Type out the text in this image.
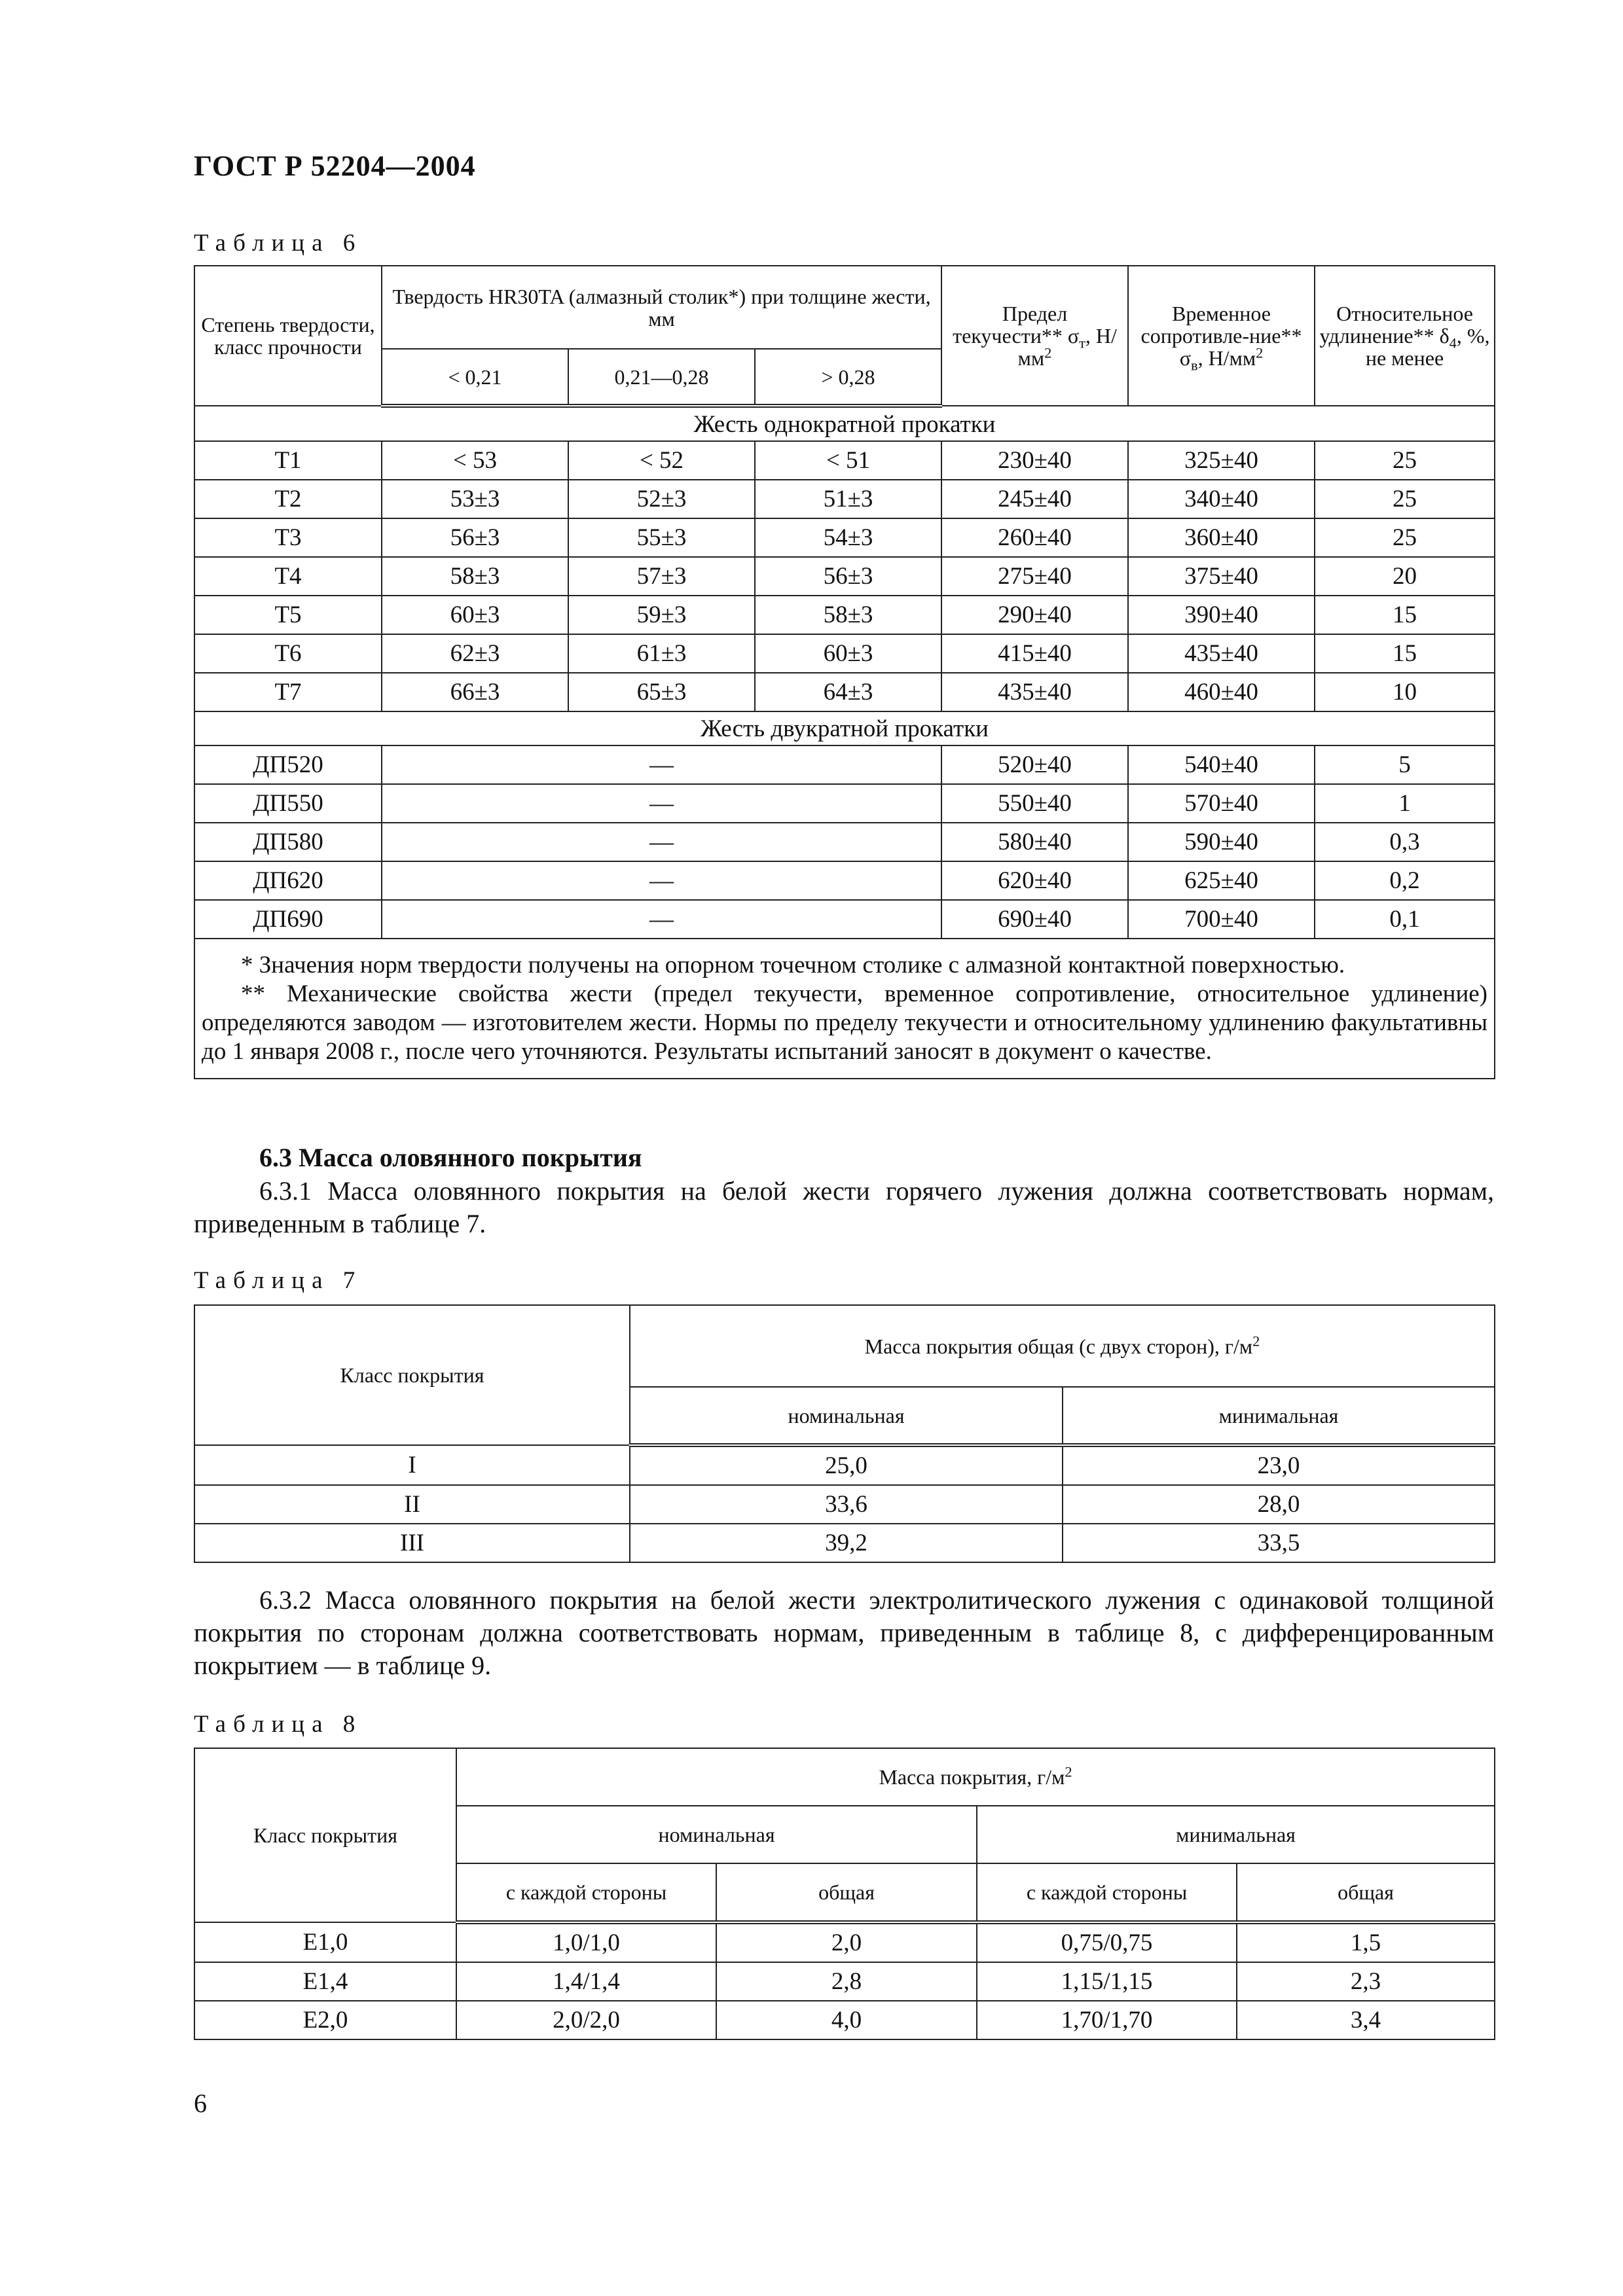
ГОСТ Р 52204—2004
Таблица 6
Степень твердости, класс прочности	Твердость HR30TA (алмазный столик*) при толщине жести, мм			Предел текучести** $\sigma_т$, $Н/мм^2$	Временное сопротивле-ние** $\sigma_в$, $Н/мм^2$	Относительное удлинение** $\delta_4$, %, не менее
	< 0,21	0,21—0,28	> 0,28			
Жесть однократной прокатки						
Т1	< 53	< 52	< 51	230±40	325±40	25
Т2	53±3	52±3	51±3	245±40	340±40	25
Т3	56±3	55±3	54±3	260±40	360±40	25
Т4	58±3	57±3	56±3	275±40	375±40	20
Т5	60±3	59±3	58±3	290±40	390±40	15
Т6	62±3	61±3	60±3	415±40	435±40	15
Т7	66±3	65±3	64±3	435±40	460±40	10
Жесть двукратной прокатки						
ДП520	—			520±40	540±40	5
ДП550	—			550±40	570±40	1
ДП580	—			580±40	590±40	0,3
ДП620	—			620±40	625±40	0,2
ДП690	—			690±40	700±40	0,1

* Значения норм твердости получены на опорном точечном столике с алмазной контактной поверхностью.

** Механические свойства жести (предел текучести, временное сопротивление, относительное удлинение) определяются заводом — изготовителем жести. Нормы по пределу текучести и относительному удлинению факультативны до 1 января 2008 г., после чего уточняются. Результаты испытаний заносят в документ о качестве.						

6.3 Масса оловянного покрытия

6.3.1 Масса оловянного покрытия на белой жести горячего лужения должна соответствовать нормам, приведенным в таблице 7.

Таблица 7
Класс покрытия	Масса покрытия общая (с двух сторон), $г/м^2$
	номинальная	минимальная
I	25,0	23,0
II	33,6	28,0
III	39,2	33,5

6.3.2 Масса оловянного покрытия на белой жести электролитического лужения с одинаковой толщиной покрытия по сторонам должна соответствовать нормам, приведенным в таблице 8, с дифференцированным покрытием — в таблице 9.

Таблица 8
Класс покрытия	Масса покрытия, $г/м^2$
	номинальная		минимальная	
	с каждой стороны	общая	с каждой стороны	общая
Е1,0	1,0/1,0	2,0	0,75/0,75	1,5
Е1,4	1,4/1,4	2,8	1,15/1,15	2,3
Е2,0	2,0/2,0	4,0	1,70/1,70	3,4
6
